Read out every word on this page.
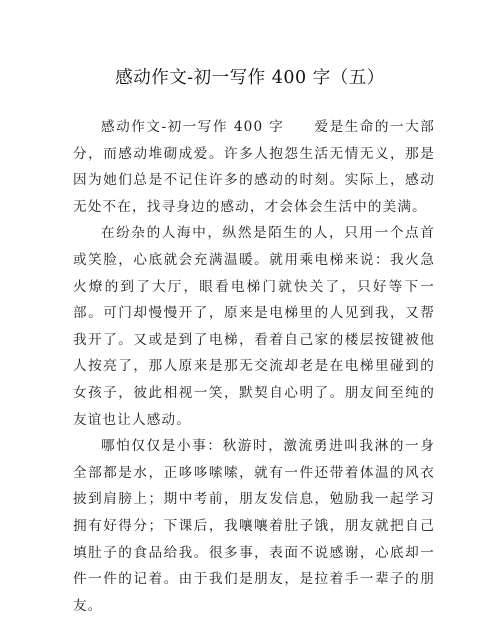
感动作文-初一写作 400 字（五）

感动作文-初一写作 400 字　　爱是生命的一大部分，而感动堆砌成爱。许多人抱怨生活无情无义，那是因为她们总是不记住许多的感动的时刻。实际上，感动无处不在，找寻身边的感动，才会体会生活中的美满。

在纷杂的人海中，纵然是陌生的人，只用一个点首或笑脸，心底就会充满温暖。就用乘电梯来说：我火急火燎的到了大厅，眼看电梯门就快关了，只好等下一部。可门却慢慢开了，原来是电梯里的人见到我，又帮我开了。又或是到了电梯，看着自己家的楼层按键被他人按亮了，那人原来是那无交流却老是在电梯里碰到的女孩子，彼此相视一笑，默契自心明了。朋友间至纯的友谊也让人感动。

哪怕仅仅是小事：秋游时，激流勇进叫我淋的一身全部都是水，正哆哆嗦嗦，就有一件还带着体温的风衣披到肩膀上；期中考前，朋友发信息，勉励我一起学习拥有好得分；下课后，我嚷嚷着肚子饿，朋友就把自己填肚子的食品给我。很多事，表面不说感谢，心底却一件一件的记着。由于我们是朋友，是拉着手一辈子的朋友。
